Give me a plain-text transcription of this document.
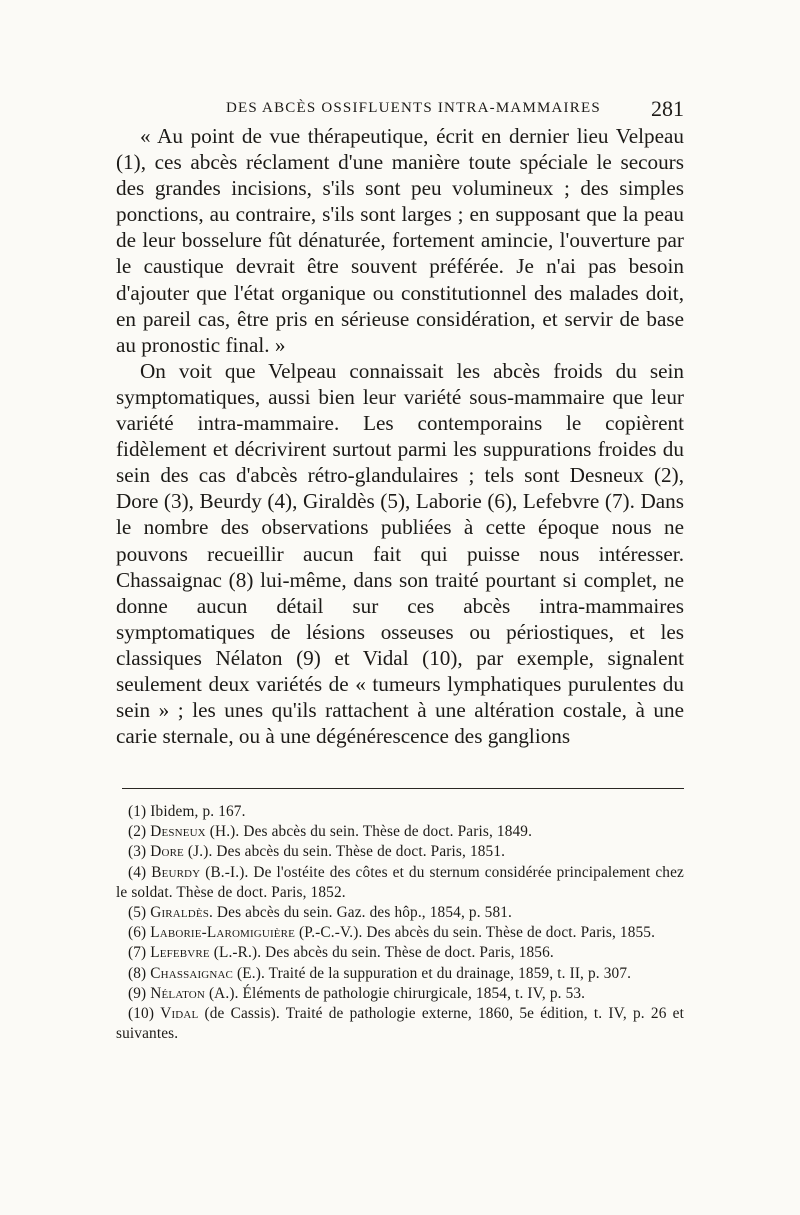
DES ABCÈS OSSIFLUENTS INTRA-MAMMAIRES 281

« Au point de vue thérapeutique, écrit en dernier lieu Velpeau (1), ces abcès réclament d'une manière toute spéciale le secours des grandes incisions, s'ils sont peu volumineux ; des simples ponctions, au contraire, s'ils sont larges ; en supposant que la peau de leur bosselure fût dénaturée, fortement amincie, l'ouverture par le caustique devrait être souvent préférée. Je n'ai pas besoin d'ajouter que l'état organique ou constitutionnel des malades doit, en pareil cas, être pris en sérieuse considération, et servir de base au pronostic final. »

On voit que Velpeau connaissait les abcès froids du sein symptomatiques, aussi bien leur variété sous-mammaire que leur variété intra-mammaire. Les contemporains le copièrent fidèlement et décrivirent surtout parmi les suppurations froides du sein des cas d'abcès rétro-glandulaires ; tels sont Desneux (2), Dore (3), Beurdy (4), Giraldès (5), Laborie (6), Lefebvre (7). Dans le nombre des observations publiées à cette époque nous ne pouvons recueillir aucun fait qui puisse nous intéresser. Chassaignac (8) lui-même, dans son traité pourtant si complet, ne donne aucun détail sur ces abcès intra-mammaires symptomatiques de lésions osseuses ou périostiques, et les classiques Nélaton (9) et Vidal (10), par exemple, signalent seulement deux variétés de « tumeurs lymphatiques purulentes du sein » ; les unes qu'ils rattachent à une altération costale, à une carie sternale, ou à une dégénérescence des ganglions

(1) Ibidem, p. 167.

(2) Desneux (H.). Des abcès du sein. Thèse de doct. Paris, 1849.

(3) Dore (J.). Des abcès du sein. Thèse de doct. Paris, 1851.

(4) Beurdy (B.-I.). De l'ostéite des côtes et du sternum considérée principalement chez le soldat. Thèse de doct. Paris, 1852.

(5) Giraldès. Des abcès du sein. Gaz. des hôp., 1854, p. 581.

(6) Laborie-Laromiguière (P.-C.-V.). Des abcès du sein. Thèse de doct. Paris, 1855.

(7) Lefebvre (L.-R.). Des abcès du sein. Thèse de doct. Paris, 1856.

(8) Chassaignac (E.). Traité de la suppuration et du drainage, 1859, t. II, p. 307.

(9) Nélaton (A.). Éléments de pathologie chirurgicale, 1854, t. IV, p. 53.

(10) Vidal (de Cassis). Traité de pathologie externe, 1860, 5e édition, t. IV, p. 26 et suivantes.
